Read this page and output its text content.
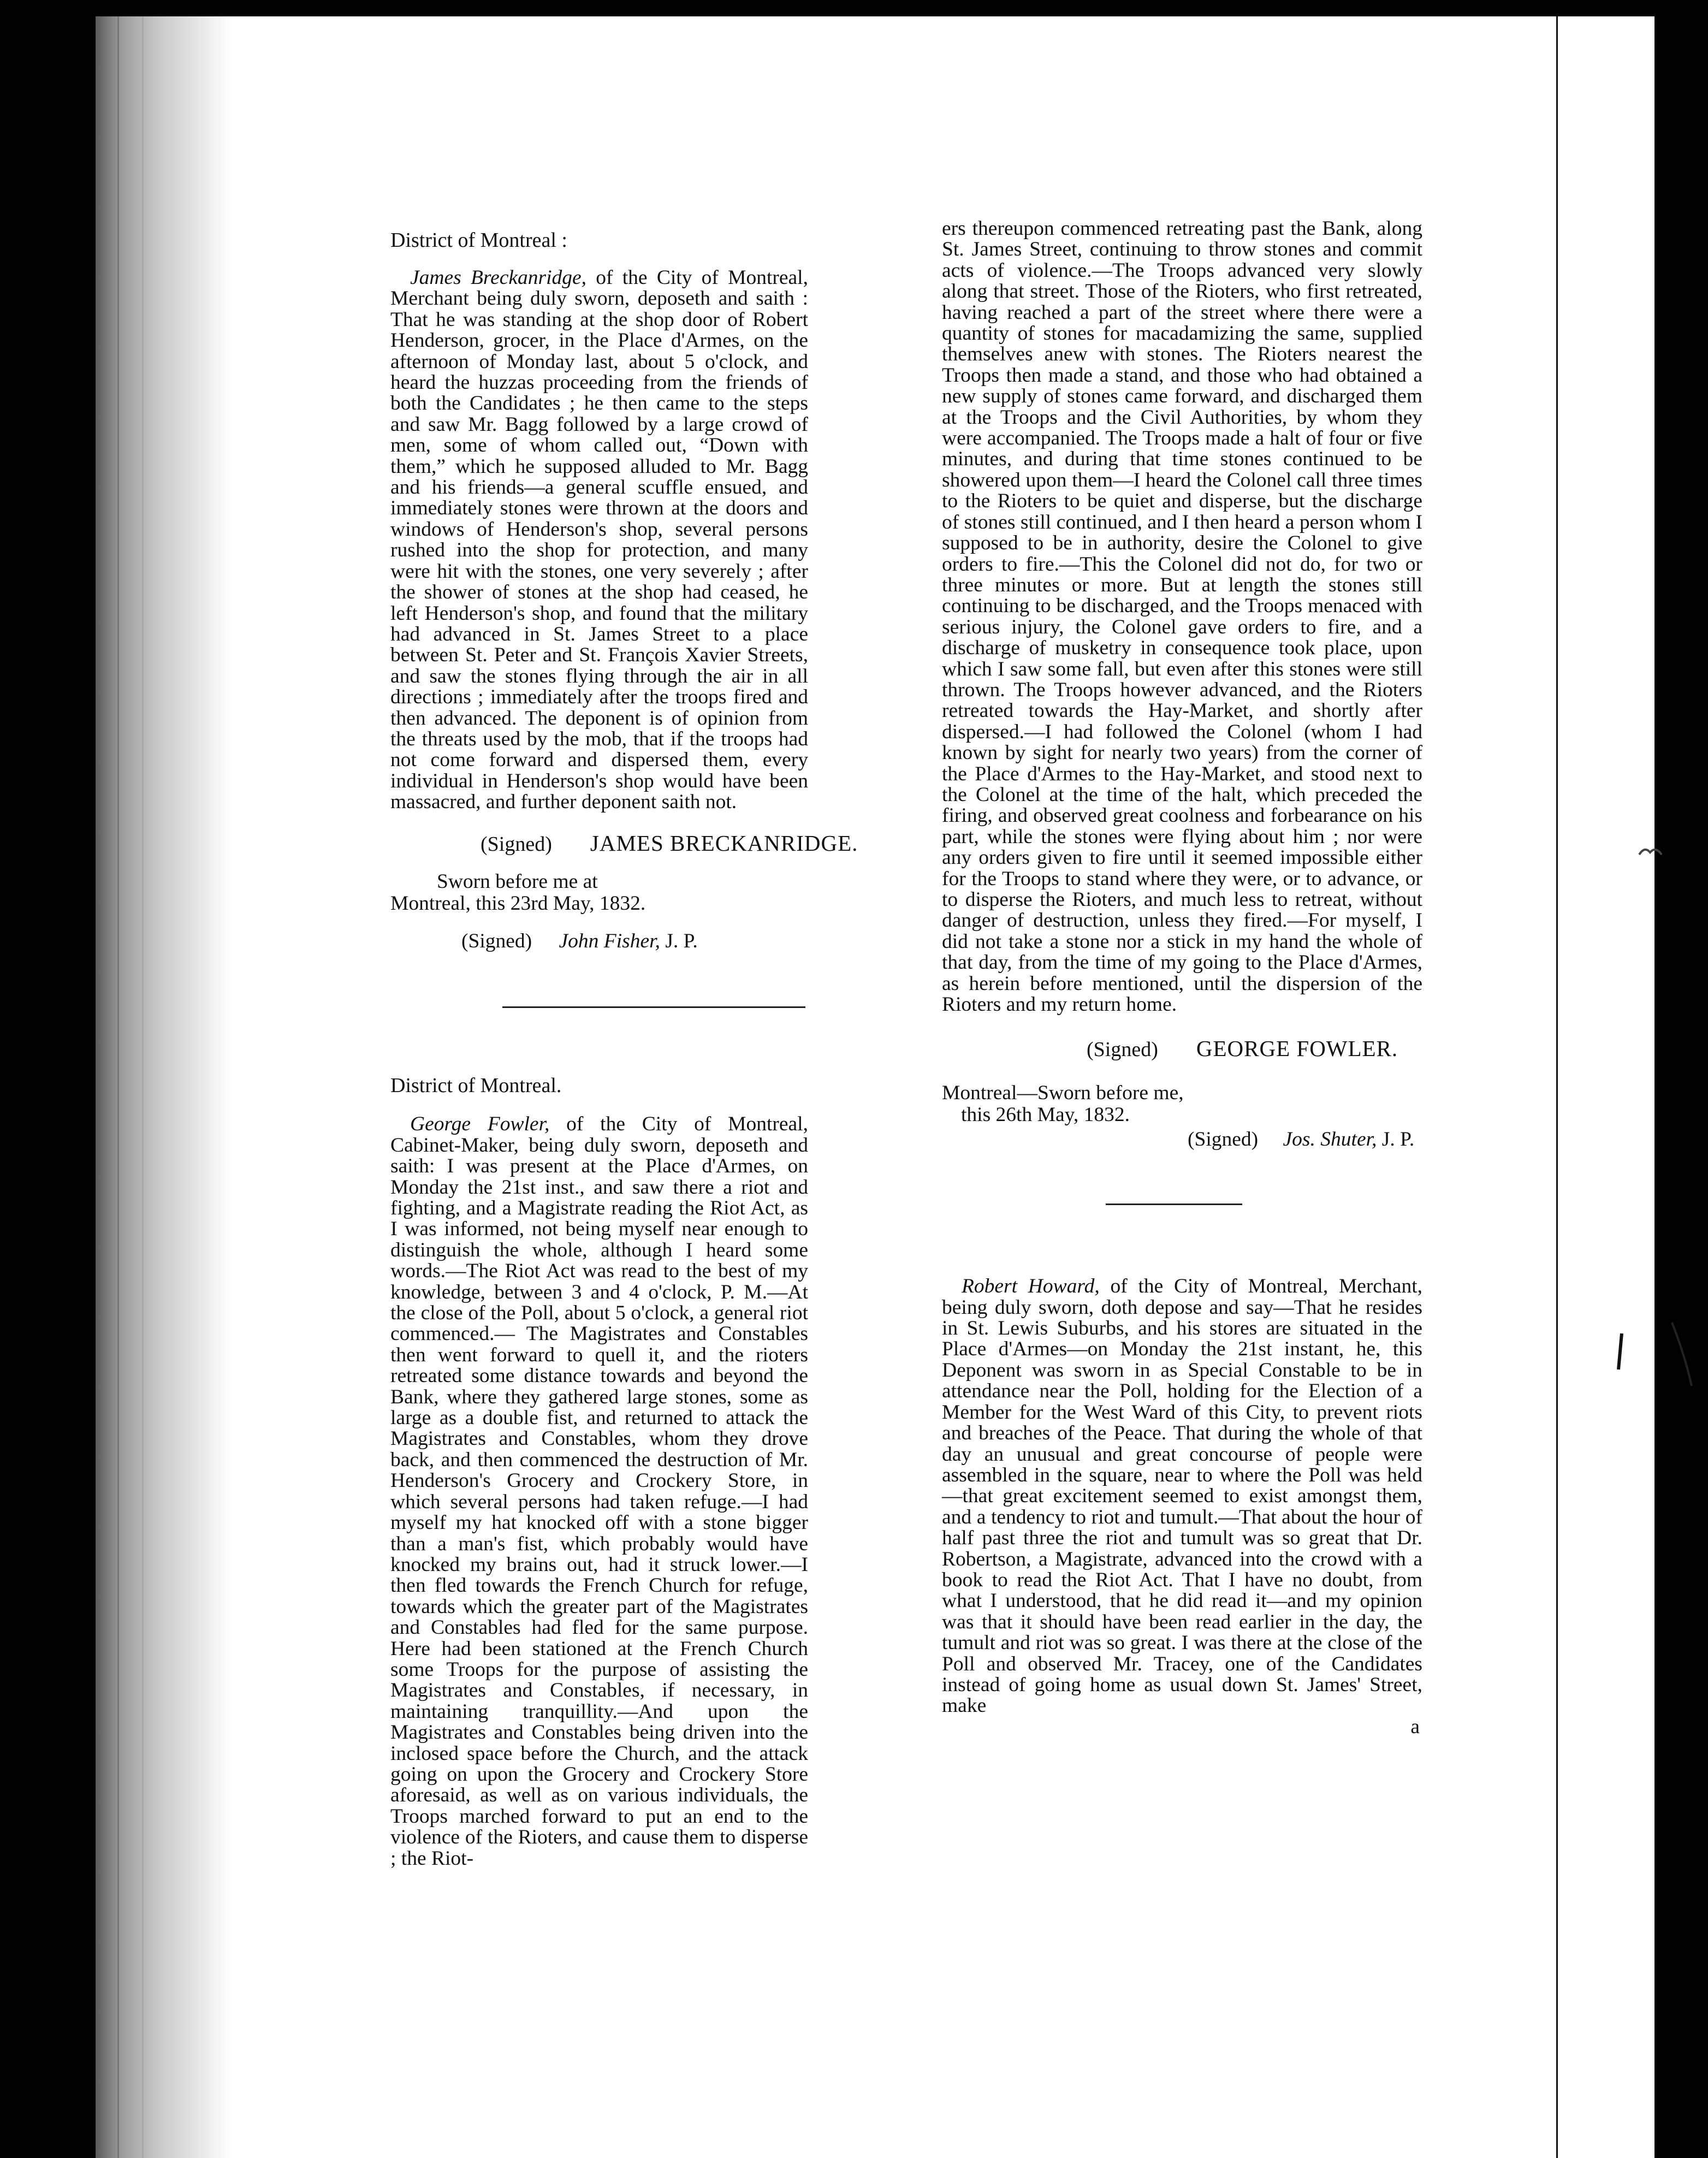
District of Montreal :

James Breckanridge, of the City of Montreal, Merchant being duly sworn, deposeth and saith : That he was standing at the shop door of Robert Henderson, grocer, in the Place d'Armes, on the afternoon of Monday last, about 5 o'clock, and heard the huzzas proceeding from the friends of both the Candidates ; he then came to the steps and saw Mr. Bagg followed by a large crowd of men, some of whom called out, “Down with them,” which he supposed alluded to Mr. Bagg and his friends—a general scuffle ensued, and immediately stones were thrown at the doors and windows of Henderson's shop, several persons rushed into the shop for protection, and many were hit with the stones, one very severely ; after the shower of stones at the shop had ceased, he left Henderson's shop, and found that the military had advanced in St. James Street to a place between St. Peter and St. François Xavier Streets, and saw the stones flying through the air in all directions ; immediately after the troops fired and then advanced. The deponent is of opinion from the threats used by the mob, that if the troops had not come forward and dispersed them, every individual in Henderson's shop would have been massacred, and further deponent saith not.

(Signed) JAMES BRECKANRIDGE.
Sworn before me at
Montreal, this 23rd May, 1832.
(Signed) John Fisher, J. P.
District of Montreal.

George Fowler, of the City of Montreal, Cabinet-Maker, being duly sworn, deposeth and saith: I was present at the Place d'Armes, on Monday the 21st inst., and saw there a riot and fighting, and a Magistrate reading the Riot Act, as I was informed, not being myself near enough to distinguish the whole, although I heard some words.—The Riot Act was read to the best of my knowledge, between 3 and 4 o'clock, P. M.—At the close of the Poll, about 5 o'clock, a general riot commenced.— The Magistrates and Constables then went forward to quell it, and the rioters retreated some distance towards and beyond the Bank, where they gathered large stones, some as large as a double fist, and returned to attack the Magistrates and Constables, whom they drove back, and then commenced the destruction of Mr. Henderson's Grocery and Crockery Store, in which several persons had taken refuge.—I had myself my hat knocked off with a stone bigger than a man's fist, which probably would have knocked my brains out, had it struck lower.—I then fled towards the French Church for refuge, towards which the greater part of the Magistrates and Constables had fled for the same purpose. Here had been stationed at the French Church some Troops for the purpose of assisting the Magistrates and Constables, if necessary, in maintaining tranquillity.—And upon the Magistrates and Constables being driven into the inclosed space before the Church, and the attack going on upon the Grocery and Crockery Store aforesaid, as well as on various individuals, the Troops marched forward to put an end to the violence of the Rioters, and cause them to disperse ; the Riot-

ers thereupon commenced retreating past the Bank, along St. James Street, continuing to throw stones and commit acts of violence.—The Troops advanced very slowly along that street. Those of the Rioters, who first retreated, having reached a part of the street where there were a quantity of stones for macadamizing the same, supplied themselves anew with stones. The Rioters nearest the Troops then made a stand, and those who had obtained a new supply of stones came forward, and discharged them at the Troops and the Civil Authorities, by whom they were accompanied. The Troops made a halt of four or five minutes, and during that time stones continued to be showered upon them—I heard the Colonel call three times to the Rioters to be quiet and disperse, but the discharge of stones still continued, and I then heard a person whom I supposed to be in authority, desire the Colonel to give orders to fire.—This the Colonel did not do, for two or three minutes or more. But at length the stones still continuing to be discharged, and the Troops menaced with serious injury, the Colonel gave orders to fire, and a discharge of musketry in consequence took place, upon which I saw some fall, but even after this stones were still thrown. The Troops however advanced, and the Rioters retreated towards the Hay-Market, and shortly after dispersed.—I had followed the Colonel (whom I had known by sight for nearly two years) from the corner of the Place d'Armes to the Hay-Market, and stood next to the Colonel at the time of the halt, which preceded the firing, and observed great coolness and forbearance on his part, while the stones were flying about him ; nor were any orders given to fire until it seemed impossible either for the Troops to stand where they were, or to advance, or to disperse the Rioters, and much less to retreat, without danger of destruction, unless they fired.—For myself, I did not take a stone nor a stick in my hand the whole of that day, from the time of my going to the Place d'Armes, as herein before mentioned, until the dispersion of the Rioters and my return home.

(Signed) GEORGE FOWLER.
Montreal—Sworn before me,
this 26th May, 1832.
(Signed) Jos. Shuter, J. P.

Robert Howard, of the City of Montreal, Merchant, being duly sworn, doth depose and say—That he resides in St. Lewis Suburbs, and his stores are situated in the Place d'Armes—on Monday the 21st instant, he, this Deponent was sworn in as Special Constable to be in attendance near the Poll, holding for the Election of a Member for the West Ward of this City, to prevent riots and breaches of the Peace. That during the whole of that day an unusual and great concourse of people were assembled in the square, near to where the Poll was held—that great excitement seemed to exist amongst them, and a tendency to riot and tumult.—That about the hour of half past three the riot and tumult was so great that Dr. Robertson, a Magistrate, advanced into the crowd with a book to read the Riot Act. That I have no doubt, from what I understood, that he did read it—and my opinion was that it should have been read earlier in the day, the tumult and riot was so great. I was there at the close of the Poll and observed Mr. Tracey, one of the Candidates instead of going home as usual down St. James' Street, make

a
